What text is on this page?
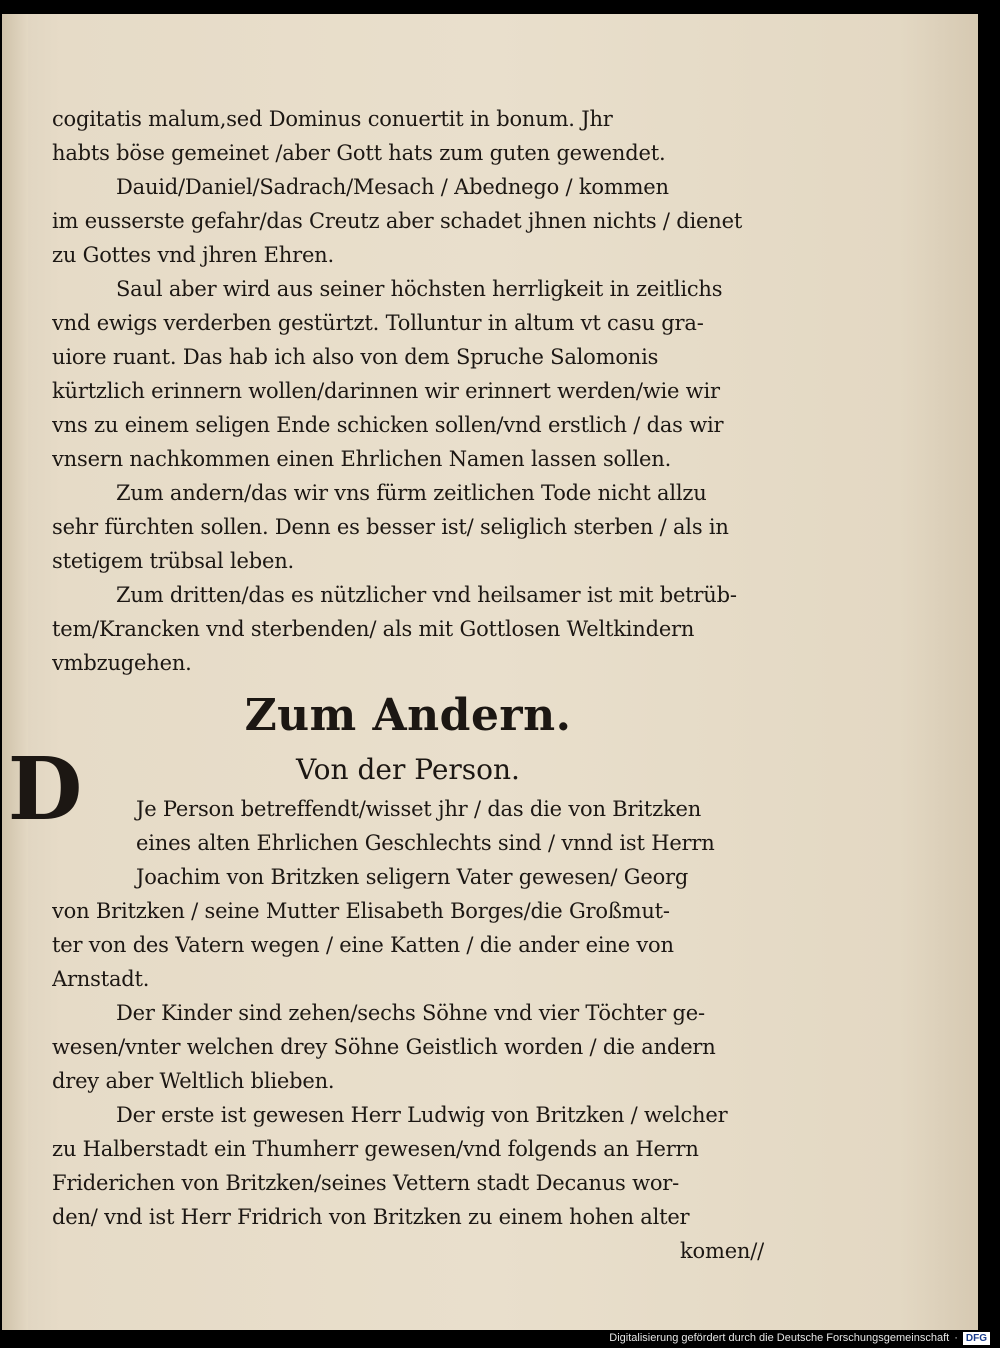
cogitatis malum,sed Dominus conuertit in bonum. Jhr
habts böse gemeinet /aber Gott hats zum guten gewendet.
Dauid/Daniel/Sadrach/Mesach / Abednego / kommen
im eusserste gefahr/das Creutz aber schadet jhnen nichts / dienet
zu Gottes vnd jhren Ehren.
Saul aber wird aus seiner höchsten herrligkeit in zeitlichs
vnd ewigs verderben gestürtzt. Tolluntur in altum vt casu gra-
uiore ruant. Das hab ich also von dem Spruche Salomonis
kürtzlich erinnern wollen/darinnen wir erinnert werden/wie wir
vns zu einem seligen Ende schicken sollen/vnd erstlich / das wir
vnsern nachkommen einen Ehrlichen Namen lassen sollen.
Zum andern/das wir vns fürm zeitlichen Tode nicht allzu
sehr fürchten sollen. Denn es besser ist/ seliglich sterben / als in
stetigem trübsal leben.
Zum dritten/das es nützlicher vnd heilsamer ist mit betrüb-
tem/Krancken vnd sterbenden/ als mit Gottlosen Weltkindern
vmbzugehen.
Zum Andern.
Von der Person.
Je Person betreffendt/wisset jhr / das die von Britzken
eines alten Ehrlichen Geschlechts sind / vnnd ist Herrn
Joachim von Britzken seligern Vater gewesen/ Georg
von Britzken / seine Mutter Elisabeth Borges/die Großmut-
ter von des Vatern wegen / eine Katten / die ander eine von
Arnstadt.
Der Kinder sind zehen/sechs Söhne vnd vier Töchter ge-
wesen/vnter welchen drey Söhne Geistlich worden / die andern
drey aber Weltlich blieben.
Der erste ist gewesen Herr Ludwig von Britzken / welcher
zu Halberstadt ein Thumherr gewesen/vnd folgends an Herrn
Friderichen von Britzken/seines Vettern stadt Decanus wor-
den/ vnd ist Herr Fridrich von Britzken zu einem hohen alter
komen//
D
Digitalisierung gefördert durch die Deutsche Forschungsgemeinschaft · DFG
